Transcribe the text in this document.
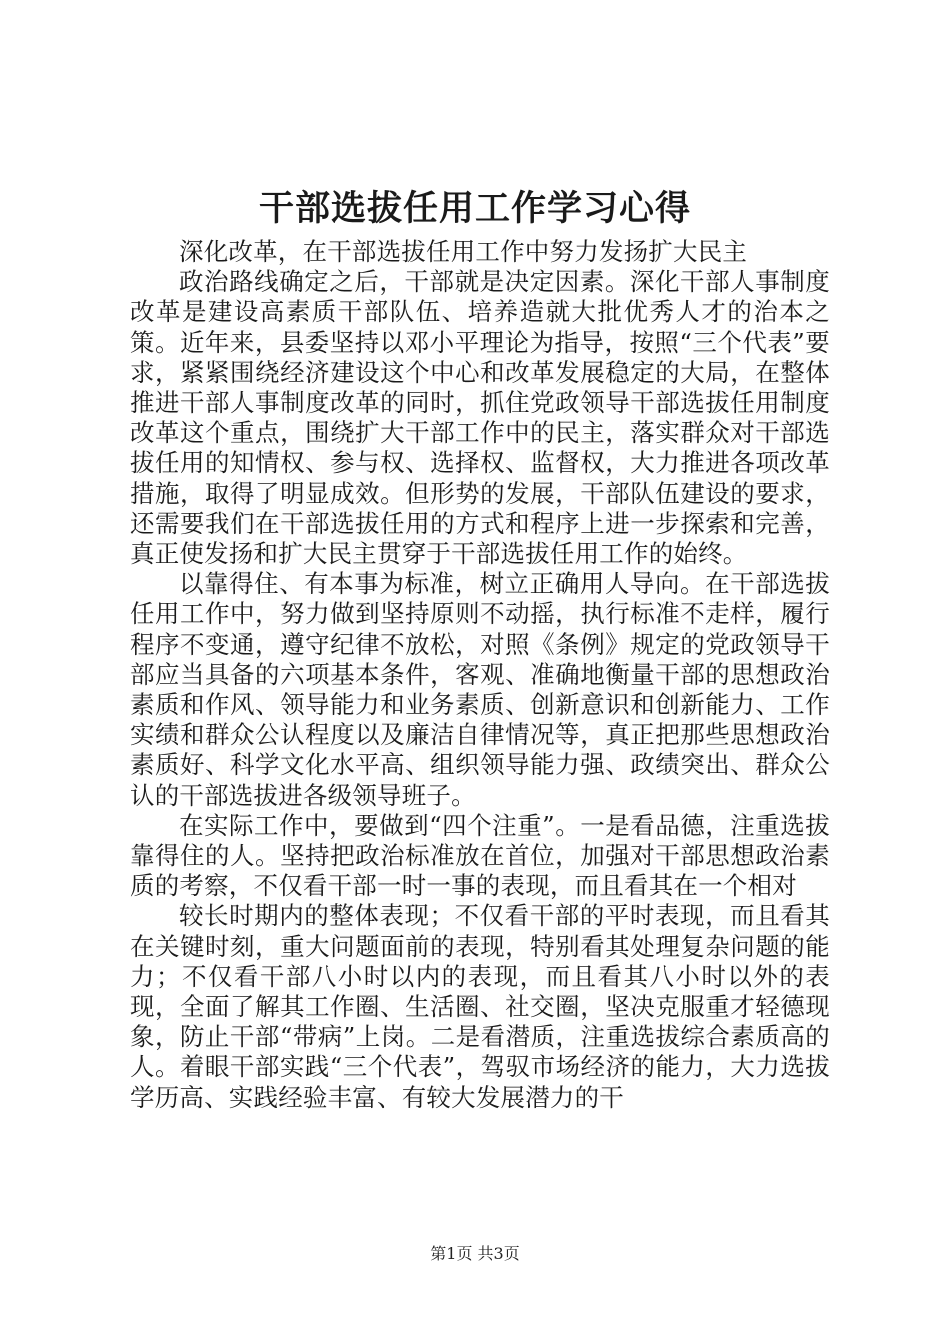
干部选拔任用工作学习心得

深化改革，在干部选拔任用工作中努力发扬扩大民主

政治路线确定之后，干部就是决定因素。深化干部人事制度改革是建设高素质干部队伍、培养造就大批优秀人才的治本之策。近年来，县委坚持以邓小平理论为指导，按照“三个代表”要求，紧紧围绕经济建设这个中心和改革发展稳定的大局，在整体推进干部人事制度改革的同时，抓住党政领导干部选拔任用制度改革这个重点，围绕扩大干部工作中的民主，落实群众对干部选拔任用的知情权、参与权、选择权、监督权，大力推进各项改革措施，取得了明显成效。但形势的发展，干部队伍建设的要求，还需要我们在干部选拔任用的方式和程序上进一步探索和完善，真正使发扬和扩大民主贯穿于干部选拔任用工作的始终。

以靠得住、有本事为标准，树立正确用人导向。在干部选拔任用工作中，努力做到坚持原则不动摇，执行标准不走样，履行程序不变通，遵守纪律不放松，对照《条例》规定的党政领导干部应当具备的六项基本条件，客观、准确地衡量干部的思想政治素质和作风、领导能力和业务素质、创新意识和创新能力、工作实绩和群众公认程度以及廉洁自律情况等，真正把那些思想政治素质好、科学文化水平高、组织领导能力强、政绩突出、群众公认的干部选拔进各级领导班子。

在实际工作中，要做到“四个注重”。一是看品德，注重选拔靠得住的人。坚持把政治标准放在首位，加强对干部思想政治素质的考察，不仅看干部一时一事的表现，而且看其在一个相对

较长时期内的整体表现；不仅看干部的平时表现，而且看其在关键时刻，重大问题面前的表现，特别看其处理复杂问题的能力；不仅看干部八小时以内的表现，而且看其八小时以外的表现，全面了解其工作圈、生活圈、社交圈，坚决克服重才轻德现象，防止干部“带病”上岗。二是看潜质，注重选拔综合素质高的人。着眼干部实践“三个代表”，驾驭市场经济的能力，大力选拔学历高、实践经验丰富、有较大发展潜力的干

第1页 共3页
